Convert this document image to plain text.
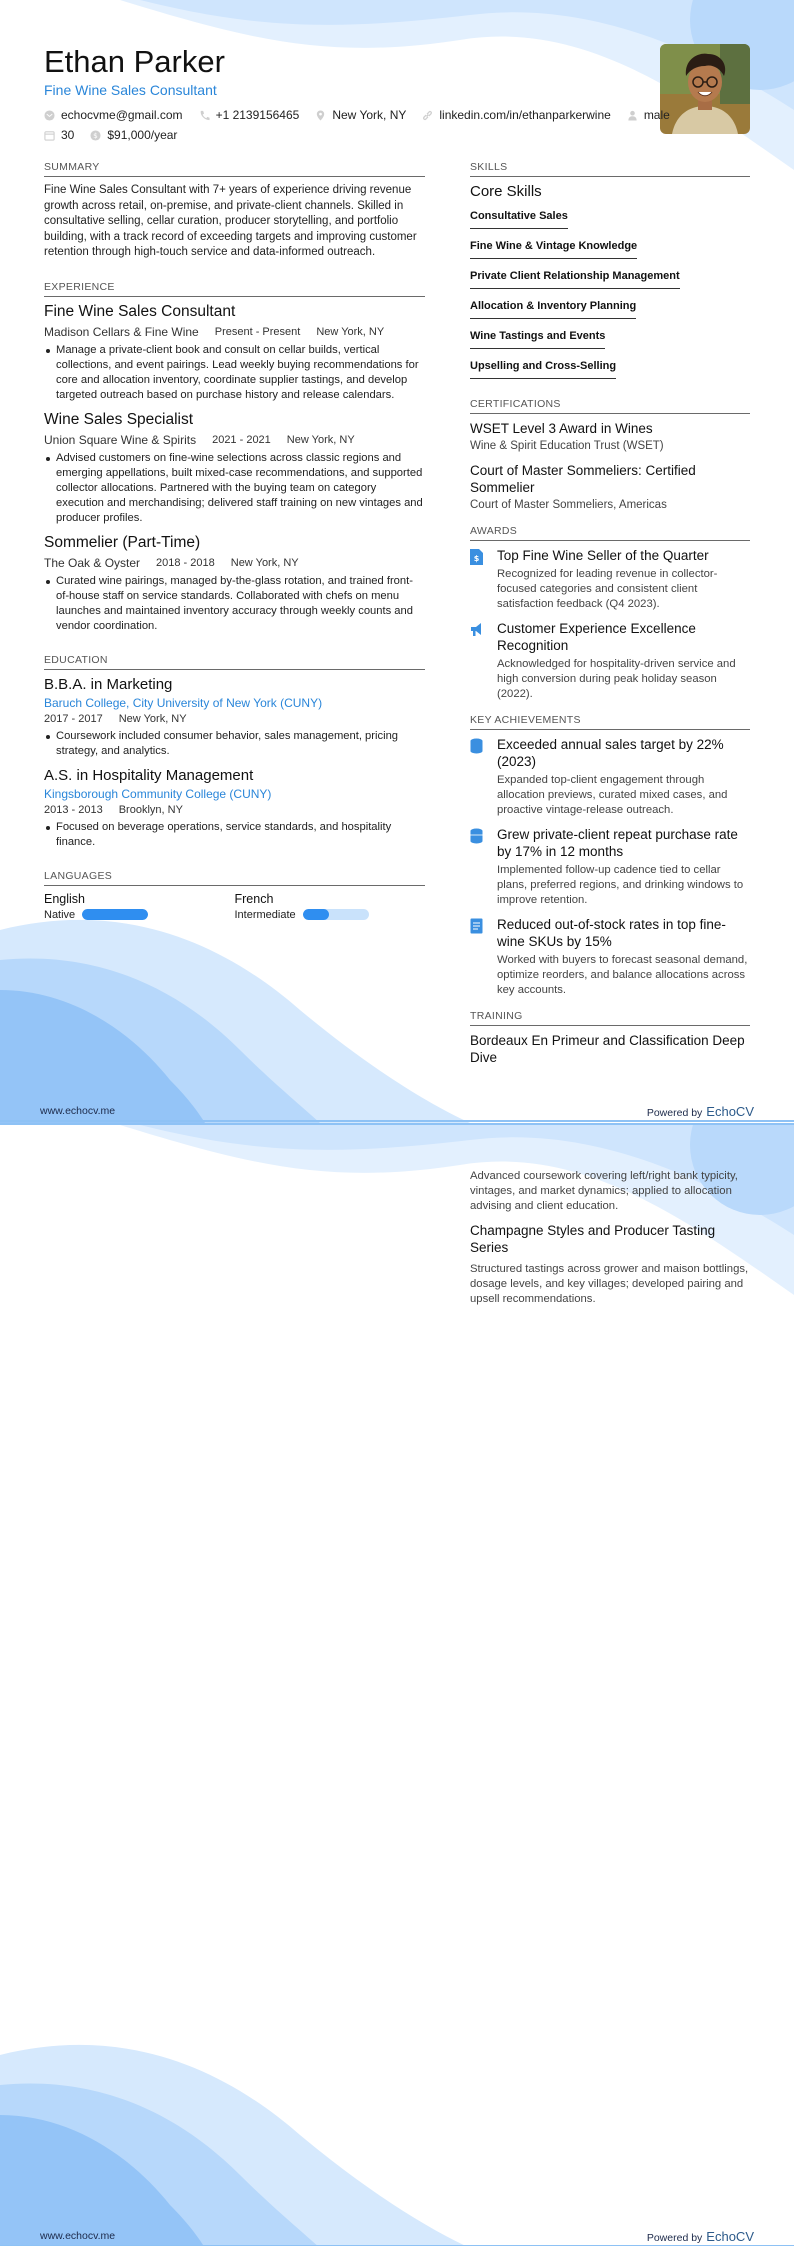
Ethan Parker
Fine Wine Sales Consultant
echocvme@gmail.com	+1 2139156465	New York, NY	linkedin.com/in/ethanparkerwine	male
30 $ $91,000/year
SUMMARY
Fine Wine Sales Consultant with 7+ years of experience driving revenue growth across retail, on-premise, and private-client channels. Skilled in consultative selling, cellar curation, producer storytelling, and portfolio building, with a track record of exceeding targets and improving customer retention through high-touch service and data-informed outreach.
EXPERIENCE
Fine Wine Sales Consultant
Madison Cellars & Fine Wine Present - Present New York, NY
Manage a private-client book and consult on cellar builds, vertical collections, and event pairings. Lead weekly buying recommendations for core and allocation inventory, coordinate supplier tastings, and develop targeted outreach based on purchase history and release calendars.
Wine Sales Specialist
Union Square Wine & Spirits 2021 - 2021 New York, NY
Advised customers on fine-wine selections across classic regions and emerging appellations, built mixed-case recommendations, and supported collector allocations. Partnered with the buying team on category execution and merchandising; delivered staff training on new vintages and producer profiles.
Sommelier (Part-Time)
The Oak & Oyster 2018 - 2018 New York, NY
Curated wine pairings, managed by-the-glass rotation, and trained front-of-house staff on service standards. Collaborated with chefs on menu launches and maintained inventory accuracy through weekly counts and vendor coordination.
EDUCATION
B.B.A. in Marketing
Baruch College, City University of New York (CUNY)
2017 - 2017 New York, NY
Coursework included consumer behavior, sales management, pricing strategy, and analytics.
A.S. in Hospitality Management
Kingsborough Community College (CUNY)
2013 - 2013 Brooklyn, NY
Focused on beverage operations, service standards, and hospitality finance.
LANGUAGES
English
Native
French
Intermediate
SKILLS
Core Skills
Consultative Sales
Fine Wine & Vintage Knowledge
Private Client Relationship Management
Allocation & Inventory Planning
Wine Tastings and Events
Upselling and Cross-Selling
CERTIFICATIONS
WSET Level 3 Award in Wines
Wine & Spirit Education Trust (WSET)
Court of Master Sommeliers: Certified Sommelier
Court of Master Sommeliers, Americas
AWARDS
$ Top Fine Wine Seller of the Quarter
Recognized for leading revenue in collector-focused categories and consistent client satisfaction feedback (Q4 2023).
Customer Experience Excellence Recognition
Acknowledged for hospitality-driven service and high conversion during peak holiday season (2022).
KEY ACHIEVEMENTS
Exceeded annual sales target by 22% (2023)
Expanded top-client engagement through allocation previews, curated mixed cases, and proactive vintage-release outreach.
Grew private-client repeat purchase rate by 17% in 12 months
Implemented follow-up cadence tied to cellar plans, preferred regions, and drinking windows to improve retention.
Reduced out-of-stock rates in top fine-wine SKUs by 15%
Worked with buyers to forecast seasonal demand, optimize reorders, and balance allocations across key accounts.
TRAINING
Bordeaux En Primeur and Classification Deep Dive
www.echocv.me	Powered by EchoCV
Advanced coursework covering left/right bank typicity, vintages, and market dynamics; applied to allocation advising and client education.
Champagne Styles and Producer Tasting Series
Structured tastings across grower and maison bottlings, dosage levels, and key villages; developed pairing and upsell recommendations.
www.echocv.me	Powered by EchoCV
